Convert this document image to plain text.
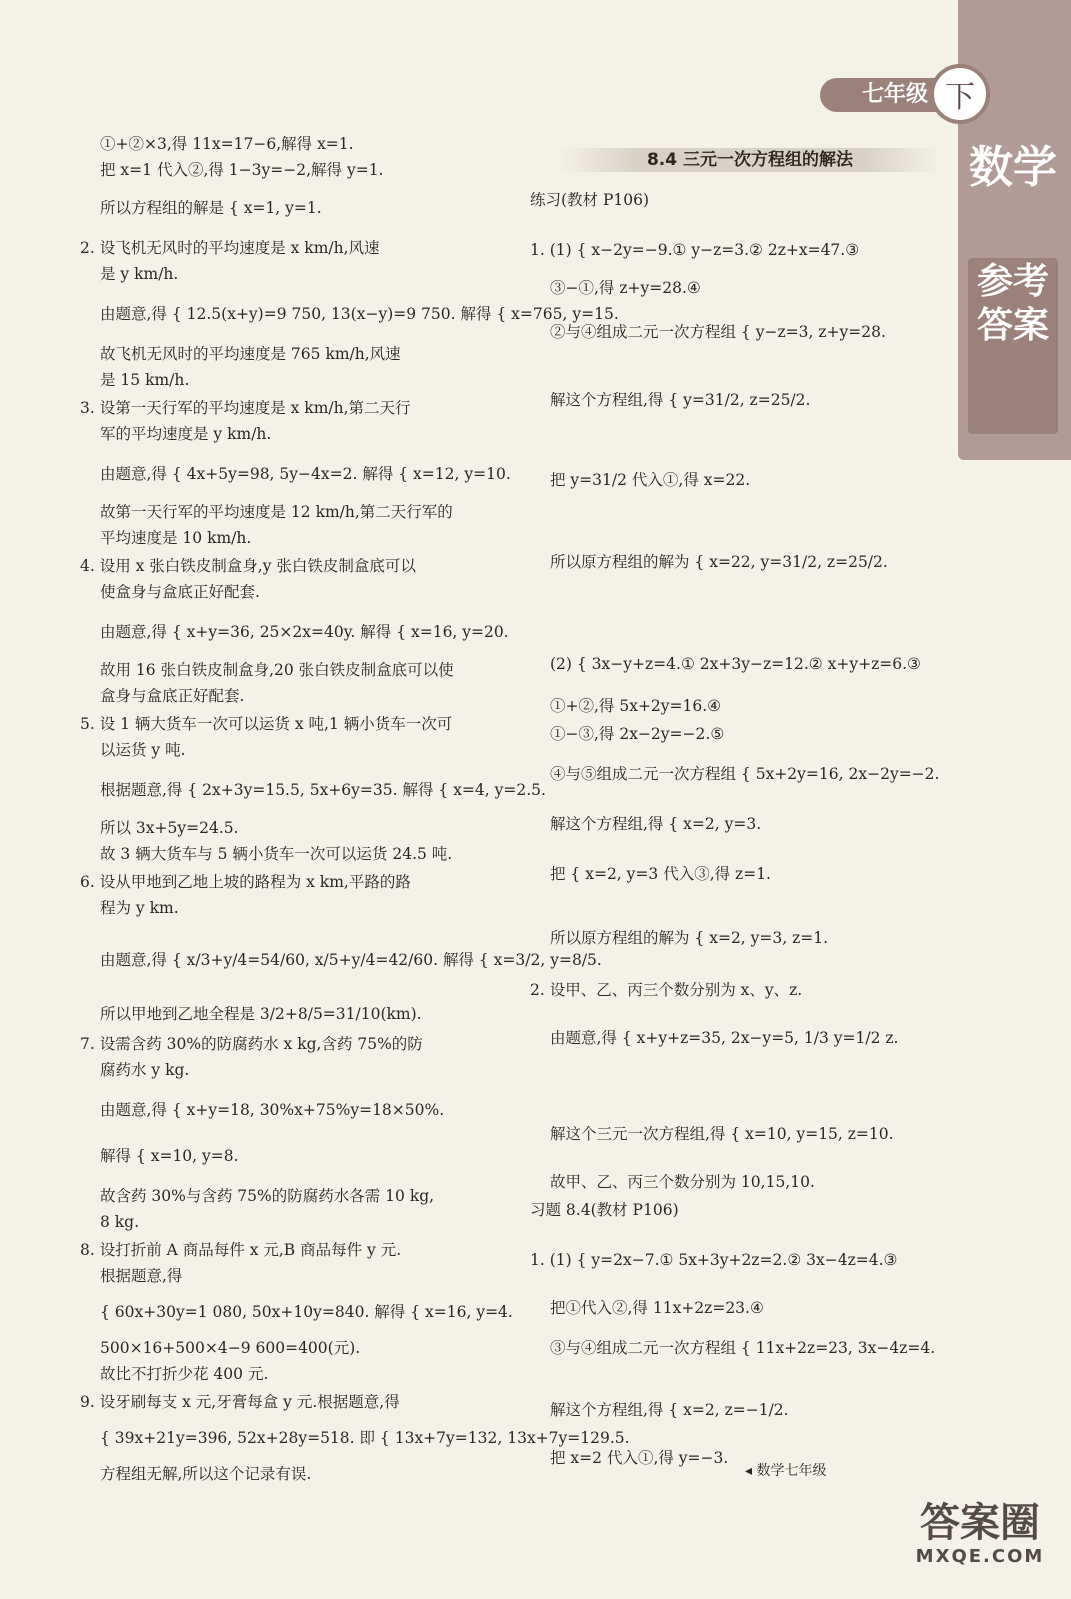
七年级 下
数学
参考答案
8.4 三元一次方程组的解法
①+②×3,得 11x=17−6,解得 x=1.
把 x=1 代入②,得 1−3y=−2,解得 y=1.
所以方程组的解是 { x=1, y=1.
2. 设飞机无风时的平均速度是 x km/h,风速
是 y km/h.
由题意,得 { 12.5(x+y)=9 750, 13(x−y)=9 750. 解得 { x=765, y=15.
故飞机无风时的平均速度是 765 km/h,风速
是 15 km/h.
3. 设第一天行军的平均速度是 x km/h,第二天行
军的平均速度是 y km/h.
由题意,得 { 4x+5y=98, 5y−4x=2. 解得 { x=12, y=10.
故第一天行军的平均速度是 12 km/h,第二天行军的
平均速度是 10 km/h.
4. 设用 x 张白铁皮制盒身,y 张白铁皮制盒底可以
使盒身与盒底正好配套.
由题意,得 { x+y=36, 25×2x=40y. 解得 { x=16, y=20.
故用 16 张白铁皮制盒身,20 张白铁皮制盒底可以使
盒身与盒底正好配套.
5. 设 1 辆大货车一次可以运货 x 吨,1 辆小货车一次可
以运货 y 吨.
根据题意,得 { 2x+3y=15.5, 5x+6y=35. 解得 { x=4, y=2.5.
所以 3x+5y=24.5.
故 3 辆大货车与 5 辆小货车一次可以运货 24.5 吨.
6. 设从甲地到乙地上坡的路程为 x km,平路的路
程为 y km.
由题意,得 { x/3+y/4=54/60, x/5+y/4=42/60. 解得 { x=3/2, y=8/5.
所以甲地到乙地全程是 3/2+8/5=31/10(km).
7. 设需含药 30%的防腐药水 x kg,含药 75%的防
腐药水 y kg.
由题意,得 { x+y=18, 30%x+75%y=18×50%.
解得 { x=10, y=8.
故含药 30%与含药 75%的防腐药水各需 10 kg,
8 kg.
8. 设打折前 A 商品每件 x 元,B 商品每件 y 元.
根据题意,得
{ 60x+30y=1 080, 50x+10y=840. 解得 { x=16, y=4.
500×16+500×4−9 600=400(元).
故比不打折少花 400 元.
9. 设牙刷每支 x 元,牙膏每盒 y 元.根据题意,得
{ 39x+21y=396, 52x+28y=518. 即 { 13x+7y=132, 13x+7y=129.5.
方程组无解,所以这个记录有误.
练习(教材 P106)
1. (1) { x−2y=−9.① y−z=3.② 2z+x=47.③
③−①,得 z+y=28.④
②与④组成二元一次方程组 { y−z=3, z+y=28.
解这个方程组,得 { y=31/2, z=25/2.
把 y=31/2 代入①,得 x=22.
所以原方程组的解为 { x=22, y=31/2, z=25/2.
(2) { 3x−y+z=4.① 2x+3y−z=12.② x+y+z=6.③
①+②,得 5x+2y=16.④
①−③,得 2x−2y=−2.⑤
④与⑤组成二元一次方程组 { 5x+2y=16, 2x−2y=−2.
解这个方程组,得 { x=2, y=3.
把 { x=2, y=3 代入③,得 z=1.
所以原方程组的解为 { x=2, y=3, z=1.
2. 设甲、乙、丙三个数分别为 x、y、z.
由题意,得 { x+y+z=35, 2x−y=5, 1/3 y=1/2 z.
解这个三元一次方程组,得 { x=10, y=15, z=10.
故甲、乙、丙三个数分别为 10,15,10.
习题 8.4(教材 P106)
1. (1) { y=2x−7.① 5x+3y+2z=2.② 3x−4z=4.③
把①代入②,得 11x+2z=23.④
③与④组成二元一次方程组 { 11x+2z=23, 3x−4z=4.
解这个方程组,得 { x=2, z=−1/2.
把 x=2 代入①,得 y=−3.
◂ 数学七年级
答案圈
MXQE.COM
